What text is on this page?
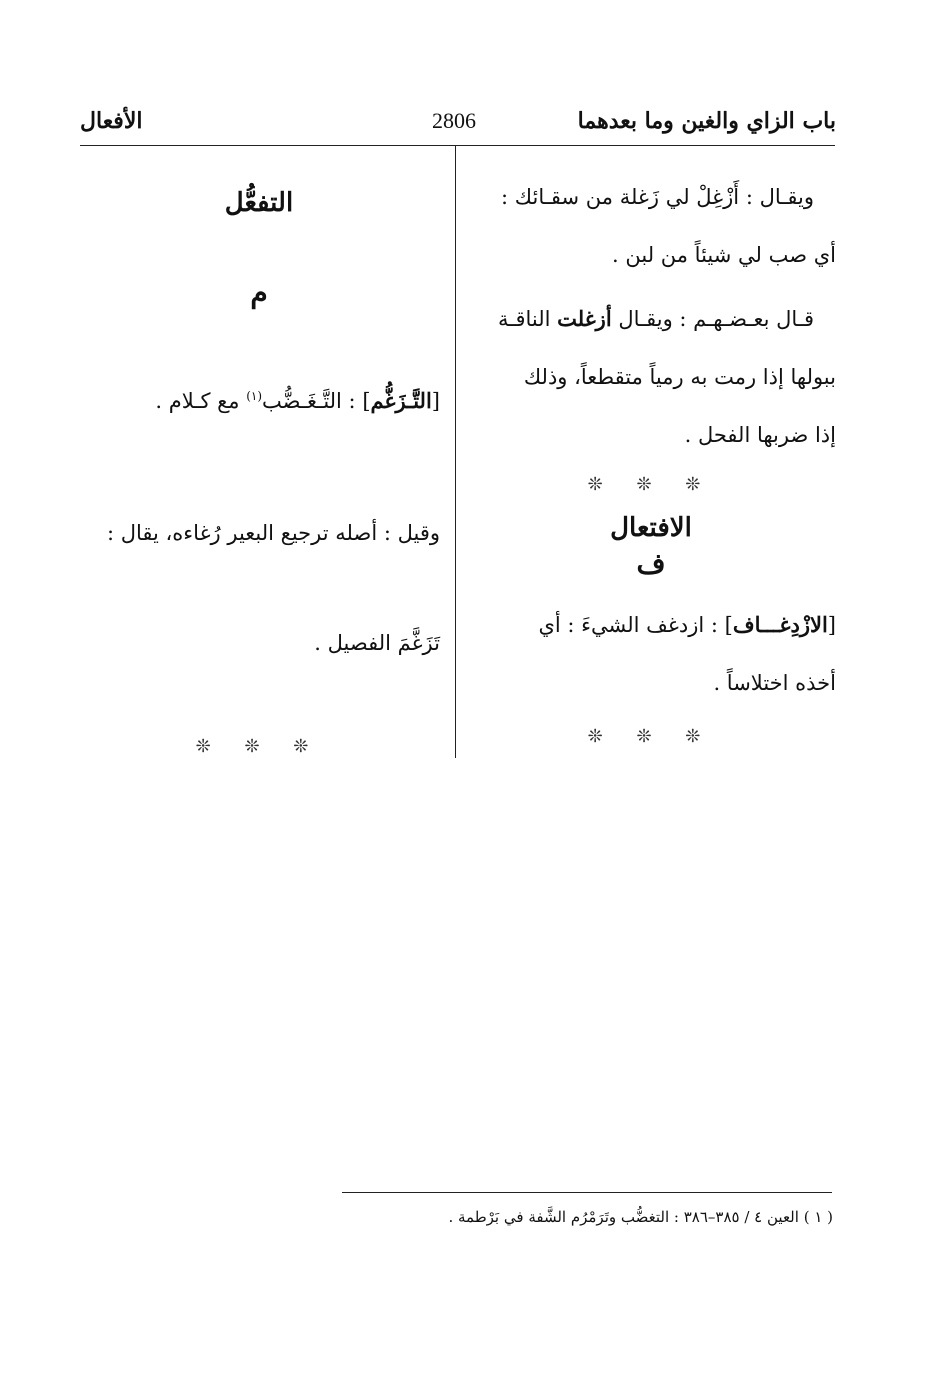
باب الزاي والغين وما بعدهما
2806
الأفعال

ويقـال : أَزْغِلْ لي زَغلة من سقـائك :
أي صب لي شيئاً من لبن .

قـال بعـضـهـم : ويقـال أزغلت الناقـة
ببولها إذا رمت به رمياً متقطعاً، وذلك
إذا ضربها الفحل .

❊ ❊ ❊

الافتعال

ف

[الازْدِغـــاف] : ازدغف الشيءَ : أي
أخذه اختلاساً .

❊ ❊ ❊

التفعُّل

م

[التَّـزَغُّم] : التَّـغَـضُّب$^{(١)}$ مع كـلام .

وقيل : أصله ترجيع البعير رُغاءه، يقال :
تَزَغَّمَ الفصيل .

❊ ❊ ❊

( ١ ) العين ٤ / ٣٨٥–٣٨٦ : التغضُّب وتَرَمْرُم الشَّفة في بَرْطمة .
